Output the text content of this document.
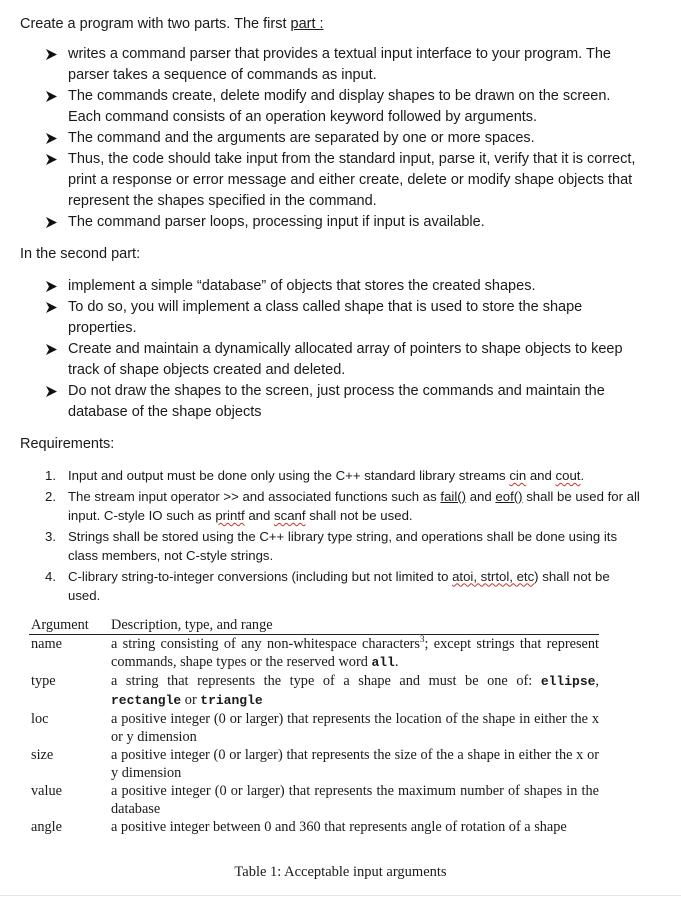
Create a program with two parts. The first part :

writes a command parser that provides a textual input interface to your program. The parser takes a sequence of commands as input.
The commands create, delete modify and display shapes to be drawn on the screen. Each command consists of an operation keyword followed by arguments.
The command and the arguments are separated by one or more spaces.
Thus, the code should take input from the standard input, parse it, verify that it is correct, print a response or error message and either create, delete or modify shape objects that represent the shapes specified in the command.
The command parser loops, processing input if input is available.

In the second part:

implement a simple “database” of objects that stores the created shapes.
To do so, you will implement a class called shape that is used to store the shape properties.
Create and maintain a dynamically allocated array of pointers to shape objects to keep track of shape objects created and deleted.
Do not draw the shapes to the screen, just process the commands and maintain the database of the shape objects

Requirements:

1. Input and output must be done only using the C++ standard library streams cin and cout.
2. The stream input operator >> and associated functions such as fail() and eof() shall be used for all input. C-style IO such as printf and scanf shall not be used.
3. Strings shall be stored using the C++ library type string, and operations shall be done using its class members, not C-style strings.
4. C-library string-to-integer conversions (including but not limited to atoi, strtol, etc) shall not be used.
Argument	Description, type, and range
name	a string consisting of any non-whitespace characters$^3$; except strings that represent commands, shape types or the reserved word all.
type	a string that represents the type of a shape and must be one of: ellipse, rectangle or triangle
loc	a positive integer (0 or larger) that represents the location of the shape in either the x or y dimension
size	a positive integer (0 or larger) that represents the size of the a shape in either the x or y dimension
value	a positive integer (0 or larger) that represents the maximum number of shapes in the database
angle	a positive integer between 0 and 360 that represents angle of rotation of a shape
Table 1: Acceptable input arguments
